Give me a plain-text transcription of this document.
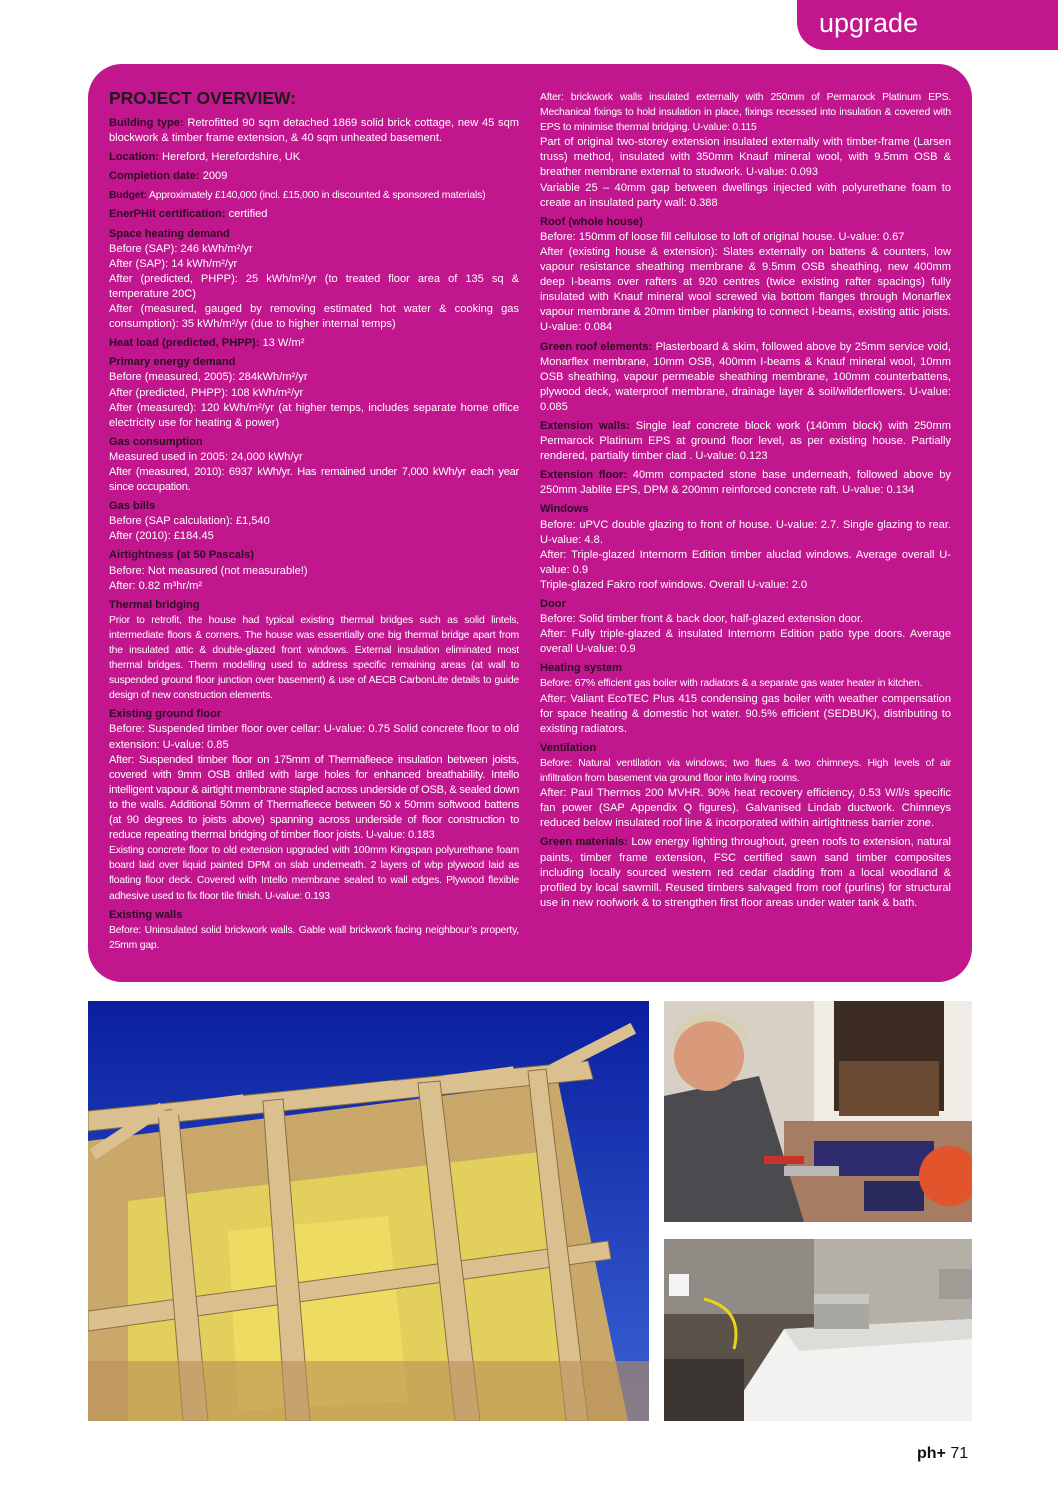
upgrade
PROJECT OVERVIEW:
Building type: Retrofitted 90 sqm detached 1869 solid brick cottage, new 45 sqm blockwork & timber frame extension, & 40 sqm unheated basement.
Location: Hereford, Herefordshire, UK
Completion date: 2009
Budget: Approximately £140,000 (incl. £15,000 in discounted & sponsored materials)
EnerPHit certification: certified
Space heating demand
Before (SAP): 246 kWh/m²/yr
After (SAP): 14 kWh/m²/yr
After (predicted, PHPP): 25 kWh/m²/yr (to treated floor area of 135 sq & temperature 20C)
After (measured, gauged by removing estimated hot water & cooking gas consumption): 35 kWh/m²/yr (due to higher internal temps)
Heat load (predicted, PHPP): 13 W/m²
Primary energy demand
Before (measured, 2005): 284kWh/m²/yr
After (predicted, PHPP): 108 kWh/m²/yr
After (measured): 120 kWh/m²/yr (at higher temps, includes separate home office electricity use for heating & power)
Gas consumption
Measured used in 2005: 24,000 kWh/yr
After (measured, 2010): 6937 kWh/yr. Has remained under 7,000 kWh/yr each year since occupation.
Gas bills
Before (SAP calculation): £1,540
After (2010): £184.45
Airtightness (at 50 Pascals)
Before: Not measured (not measurable!)
After: 0.82 m³hr/m²
Thermal bridging
Prior to retrofit, the house had typical existing thermal bridges such as solid lintels, intermediate floors & corners. The house was essentially one big thermal bridge apart from the insulated attic & double-glazed front windows. External insulation eliminated most thermal bridges. Therm modelling used to address specific remaining areas (at wall to suspended ground floor junction over basement) & use of AECB CarbonLite details to guide design of new construction elements.
Existing ground floor
Before: Suspended timber floor over cellar: U-value: 0.75 Solid concrete floor to old extension: U-value: 0.85
After: Suspended timber floor on 175mm of Thermafleece insulation between joists, covered with 9mm OSB drilled with large holes for enhanced breathability. Intello intelligent vapour & airtight membrane stapled across underside of OSB, & sealed down to the walls. Additional 50mm of Thermafleece between 50 x 50mm softwood battens (at 90 degrees to joists above) spanning across underside of floor construction to reduce repeating thermal bridging of timber floor joists. U-value: 0.183
Existing concrete floor to old extension upgraded with 100mm Kingspan polyurethane foam board laid over liquid painted DPM on slab underneath. 2 layers of wbp plywood laid as floating floor deck. Covered with Intello membrane sealed to wall edges. Plywood flexible adhesive used to fix floor tile finish. U-value: 0.193
Existing walls
Before: Uninsulated solid brickwork walls. Gable wall brickwork facing neighbour’s property, 25mm gap.
After: brickwork walls insulated externally with 250mm of Permarock Platinum EPS. Mechanical fixings to hold insulation in place, fixings recessed into insulation & covered with EPS to minimise thermal bridging. U-value: 0.115
Part of original two-storey extension insulated externally with timber-frame (Larsen truss) method, insulated with 350mm Knauf mineral wool, with 9.5mm OSB & breather membrane external to studwork. U-value: 0.093
Variable 25 – 40mm gap between dwellings injected with polyurethane foam to create an insulated party wall: 0.388
Roof (whole house)
Before: 150mm of loose fill cellulose to loft of original house. U-value: 0.67
After (existing house & extension): Slates externally on battens & counters, low vapour resistance sheathing membrane & 9.5mm OSB sheathing, new 400mm deep I-beams over rafters at 920 centres (twice existing rafter spacings) fully insulated with Knauf mineral wool screwed via bottom flanges through Monarflex vapour membrane & 20mm timber planking to connect I-beams, existing attic joists. U-value: 0.084
Green roof elements: Plasterboard & skim, followed above by 25mm service void, Monarflex membrane, 10mm OSB, 400mm I-beams & Knauf mineral wool, 10mm OSB sheathing, vapour permeable sheathing membrane, 100mm counterbattens, plywood deck, waterproof membrane, drainage layer & soil/wilderflowers. U-value: 0.085
Extension walls: Single leaf concrete block work (140mm block) with 250mm Permarock Platinum EPS at ground floor level, as per existing house. Partially rendered, partially timber clad . U-value: 0.123
Extension floor: 40mm compacted stone base underneath, followed above by 250mm Jablite EPS, DPM & 200mm reinforced concrete raft. U-value: 0.134
Windows
Before: uPVC double glazing to front of house. U-value: 2.7. Single glazing to rear. U-value: 4.8.
After: Triple-glazed Internorm Edition timber aluclad windows. Average overall U-value: 0.9
Triple-glazed Fakro roof windows. Overall U-value: 2.0
Door
Before: Solid timber front & back door, half-glazed extension door.
After: Fully triple-glazed & insulated Internorm Edition patio type doors. Average overall U-value: 0.9
Heating system
Before: 67% efficient gas boiler with radiators & a separate gas water heater in kitchen.
After: Valiant EcoTEC Plus 415 condensing gas boiler with weather compensation for space heating & domestic hot water. 90.5% efficient (SEDBUK), distributing to existing radiators.
Ventilation
Before: Natural ventilation via windows; two flues & two chimneys. High levels of air infiltration from basement via ground floor into living rooms.
After: Paul Thermos 200 MVHR. 90% heat recovery efficiency, 0.53 W/l/s specific fan power (SAP Appendix Q figures). Galvanised Lindab ductwork. Chimneys reduced below insulated roof line & incorporated within airtightness barrier zone.
Green materials: Low energy lighting throughout, green roofs to extension, natural paints, timber frame extension, FSC certified sawn sand timber composites including locally sourced western red cedar cladding from a local woodland & profiled by local sawmill. Reused timbers salvaged from roof (purlins) for structural use in new roofwork & to strengthen first floor areas under water tank & bath.
ph+ 71
